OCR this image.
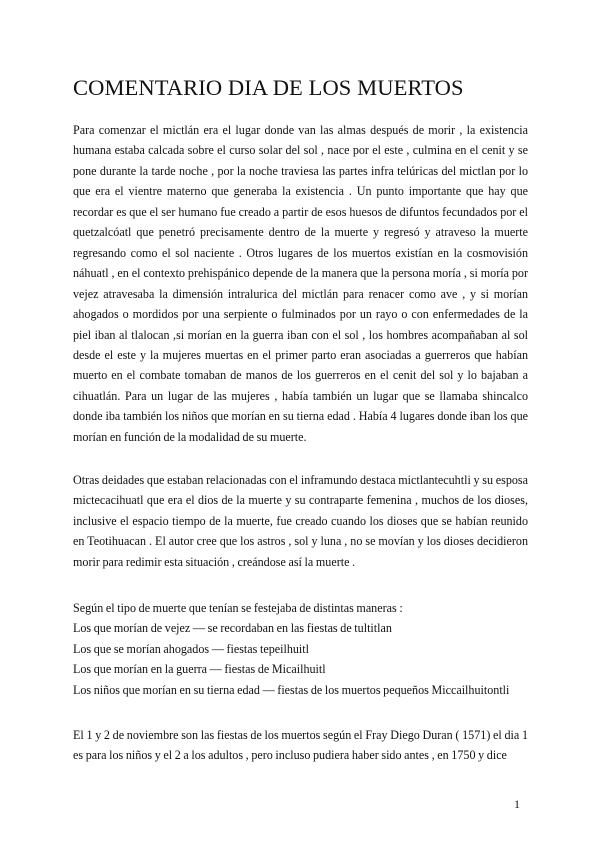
COMENTARIO DIA DE LOS MUERTOS

Para comenzar el mictlán era el lugar donde van las almas después de morir , la existencia humana estaba calcada sobre el curso solar del sol , nace por el este , culmina en el cenit y se pone durante la tarde noche , por la noche traviesa las partes infra telúricas del mictlan por lo que era el vientre materno que generaba la existencia . Un punto importante que hay que recordar es que el ser humano fue creado a partir de esos huesos de difuntos fecundados por el quetzalcóatl que penetró precisamente dentro de la muerte y regresó y atraveso la muerte regresando como el sol naciente . Otros lugares de los muertos existían en la cosmovisión náhuatl , en el contexto prehispánico depende de la manera que la persona moría , si moría por vejez atravesaba la dimensión intralurica del mictlán para renacer como ave , y si morían ahogados o mordidos por una serpiente o fulminados por un rayo o con enfermedades de la piel iban al tlalocan ,si morían en la guerra iban con el sol , los hombres acompañaban al sol desde el este y la mujeres muertas en el primer parto eran asociadas a guerreros que habían muerto en el combate tomaban de manos de los guerreros en el cenit del sol y lo bajaban a cihuatlán. Para un lugar de las mujeres , había también un lugar que se llamaba shincalco donde iba también los niños que morían en su tierna edad . Había 4 lugares donde iban los que morían en función de la modalidad de su muerte.

Otras deidades que estaban relacionadas con el inframundo destaca mictlantecuhtli y su esposa mictecacihuatl que era el dios de la muerte y su contraparte femenina , muchos de los dioses, inclusive el espacio tiempo de la muerte, fue creado cuando los dioses que se habían reunido en Teotihuacan . El autor cree que los astros , sol y luna , no se movían y los dioses decidieron morir para redimir esta situación , creándose así la muerte .

Según el tipo de muerte que tenían se festejaba de distintas maneras :
Los que morían de vejez — se recordaban en las fiestas de tultitlan
Los que se morían ahogados — fiestas tepeilhuitl
Los que morían en la guerra — fiestas de Micailhuitl
Los niños que morían en su tierna edad — fiestas de los muertos pequeños Miccailhuitontli

El 1 y 2 de noviembre son las fiestas de los muertos según el Fray Diego Duran ( 1571) el dia 1 es para los niños y el 2 a los adultos , pero incluso pudiera haber sido antes , en 1750 y dice

1
